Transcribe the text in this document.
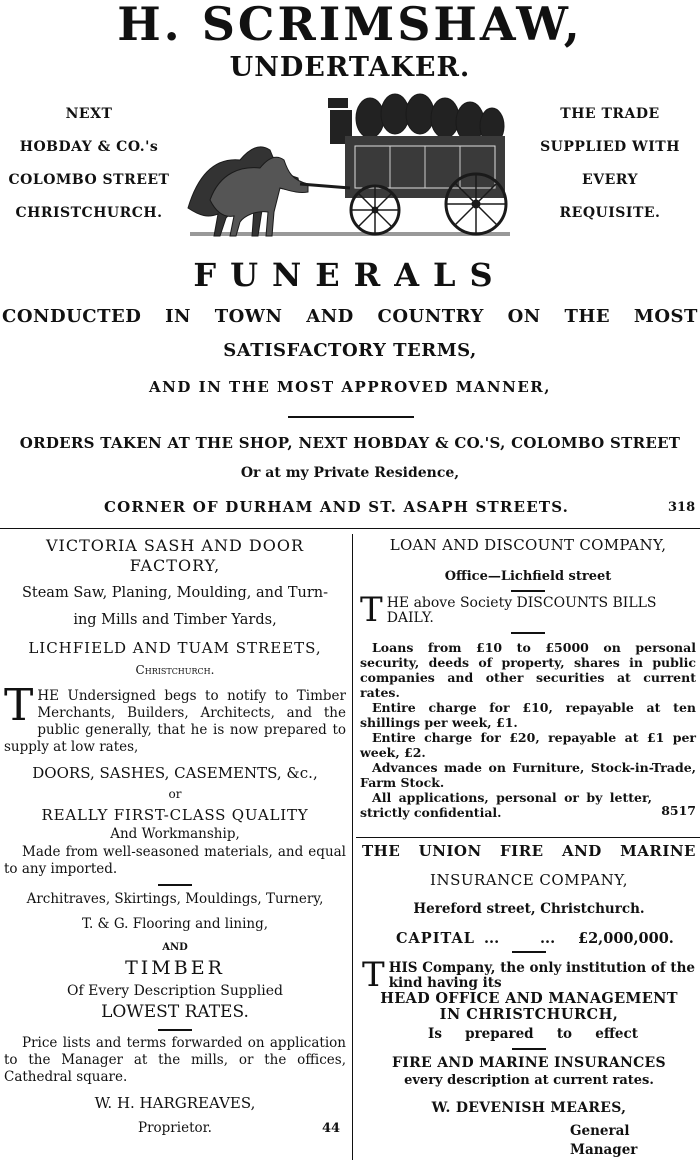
H. SCRIMSHAW,
UNDERTAKER.
NEXT
HOBDAY & CO.'s
COLOMBO STREET
CHRISTCHURCH.
THE TRADE
SUPPLIED WITH
EVERY
REQUISITE.
FUNERALS
CONDUCTED IN TOWN AND COUNTRY ON THE MOST
SATISFACTORY TERMS,
AND IN THE MOST APPROVED MANNER,
ORDERS TAKEN AT THE SHOP, NEXT HOBDAY & CO.'S, COLOMBO STREET
Or at my Private Residence,
CORNER OF DURHAM AND ST. ASAPH STREETS.	318
VICTORIA SASH AND DOOR
FACTORY,
Steam Saw, Planing, Moulding, and Turn-
ing Mills and Timber Yards,
LICHFIELD AND TUAM STREETS,
Christchurch.
THE Undersigned begs to notify to Timber Merchants, Builders, Architects, and the public generally, that he is now prepared to supply at low rates,
DOORS, SASHES, CASEMENTS, &c.,
or
REALLY FIRST-CLASS QUALITY
And Workmanship,
Made from well-seasoned materials, and equal to any imported.
Architraves, Skirtings, Mouldings, Turnery,
T. & G. Flooring and lining,
AND
TIMBER
Of Every Description Supplied
LOWEST RATES.
Price lists and terms forwarded on application to the Manager at the mills, or the offices, Cathedral square.
W. H. HARGREAVES,
Proprietor.	44
LOAN AND DISCOUNT COMPANY,
Office—Lichfield street
THE above Society DISCOUNTS BILLS DAILY.
Loans from £10 to £5000 on personal security, deeds of property, shares in public companies and other securities at current rates.
Entire charge for £10, repayable at ten shillings per week, £1.
Entire charge for £20, repayable at £1 per week, £2.
Advances made on Furniture, Stock-in-Trade, Farm Stock.
All applications, personal or by letter, strictly confidential.	8517
THE UNION FIRE AND MARINE
INSURANCE COMPANY,
Hereford street, Christchurch.
CAPITAL ...	... £2,000,000.
THIS Company, the only institution of the kind having its
HEAD OFFICE AND MANAGEMENT
IN CHRISTCHURCH,
Is prepared to effect
FIRE AND MARINE INSURANCES
every description at current rates.
W. DEVENISH MEARES,
General Manager
